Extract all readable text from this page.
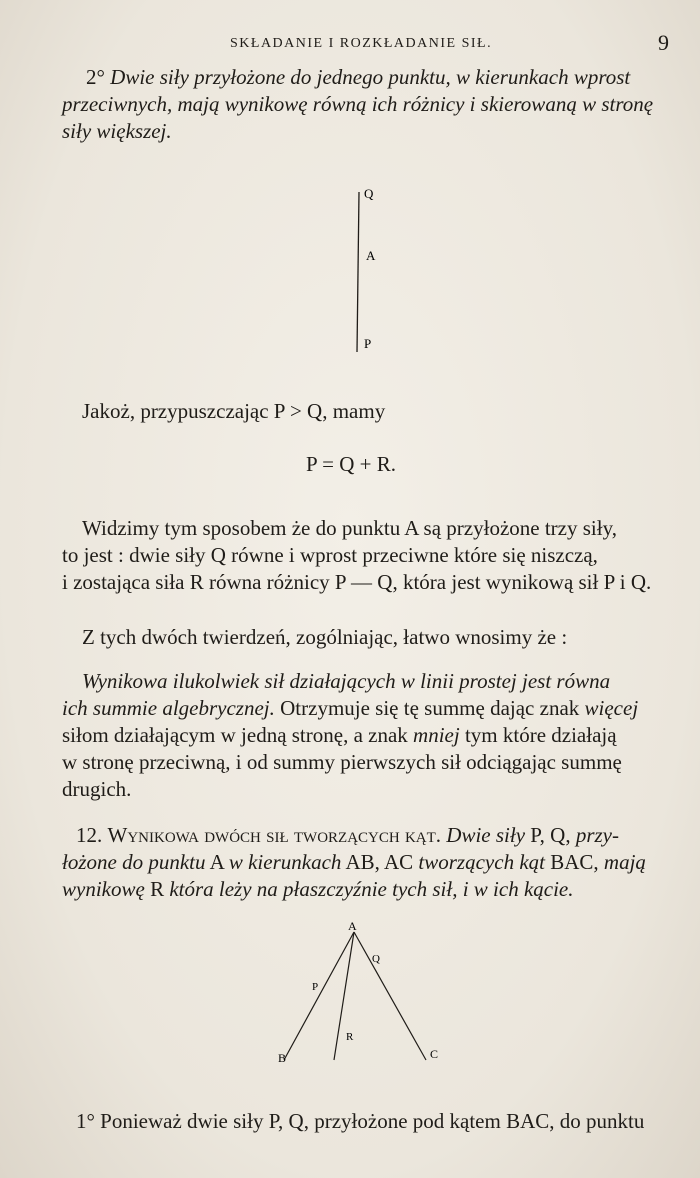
SKŁADANIE I ROZKŁADANIE SIŁ.	9

2° Dwie siły przyłożone do jednego punktu, w kierunkach wprost

przeciwnych, mają wynikowę równą ich różnicy i skierowaną w stronę

siły większej.

Q
A
P

Jakoż, przypuszczając P > Q, mamy

P = Q + R.

Widzimy tym sposobem że do punktu A są przyłożone trzy siły,

to jest : dwie siły Q równe i wprost przeciwne które się niszczą,

i zostająca siła R równa różnicy P — Q, która jest wynikową sił P i Q.

Z tych dwóch twierdzeń, zogólniając, łatwo wnosimy że :

Wynikowa ilukolwiek sił działających w linii prostej jest równa

ich summie algebrycznej. Otrzymuje się tę summę dając znak więcej

siłom działającym w jedną stronę, a znak mniej tym które działają

w stronę przeciwną, i od summy pierwszych sił odciągając summę

drugich.

12. Wynikowa dwóch sił tworzących kąt. Dwie siły P, Q, przy-

łożone do punktu A w kierunkach AB, AC tworzących kąt BAC, mają

wynikowę R która leży na płaszczyźnie tych sił, i w ich kącie.

A
Q
P
R
B	C

1° Ponieważ dwie siły P, Q, przyłożone pod kątem BAC, do punktu
